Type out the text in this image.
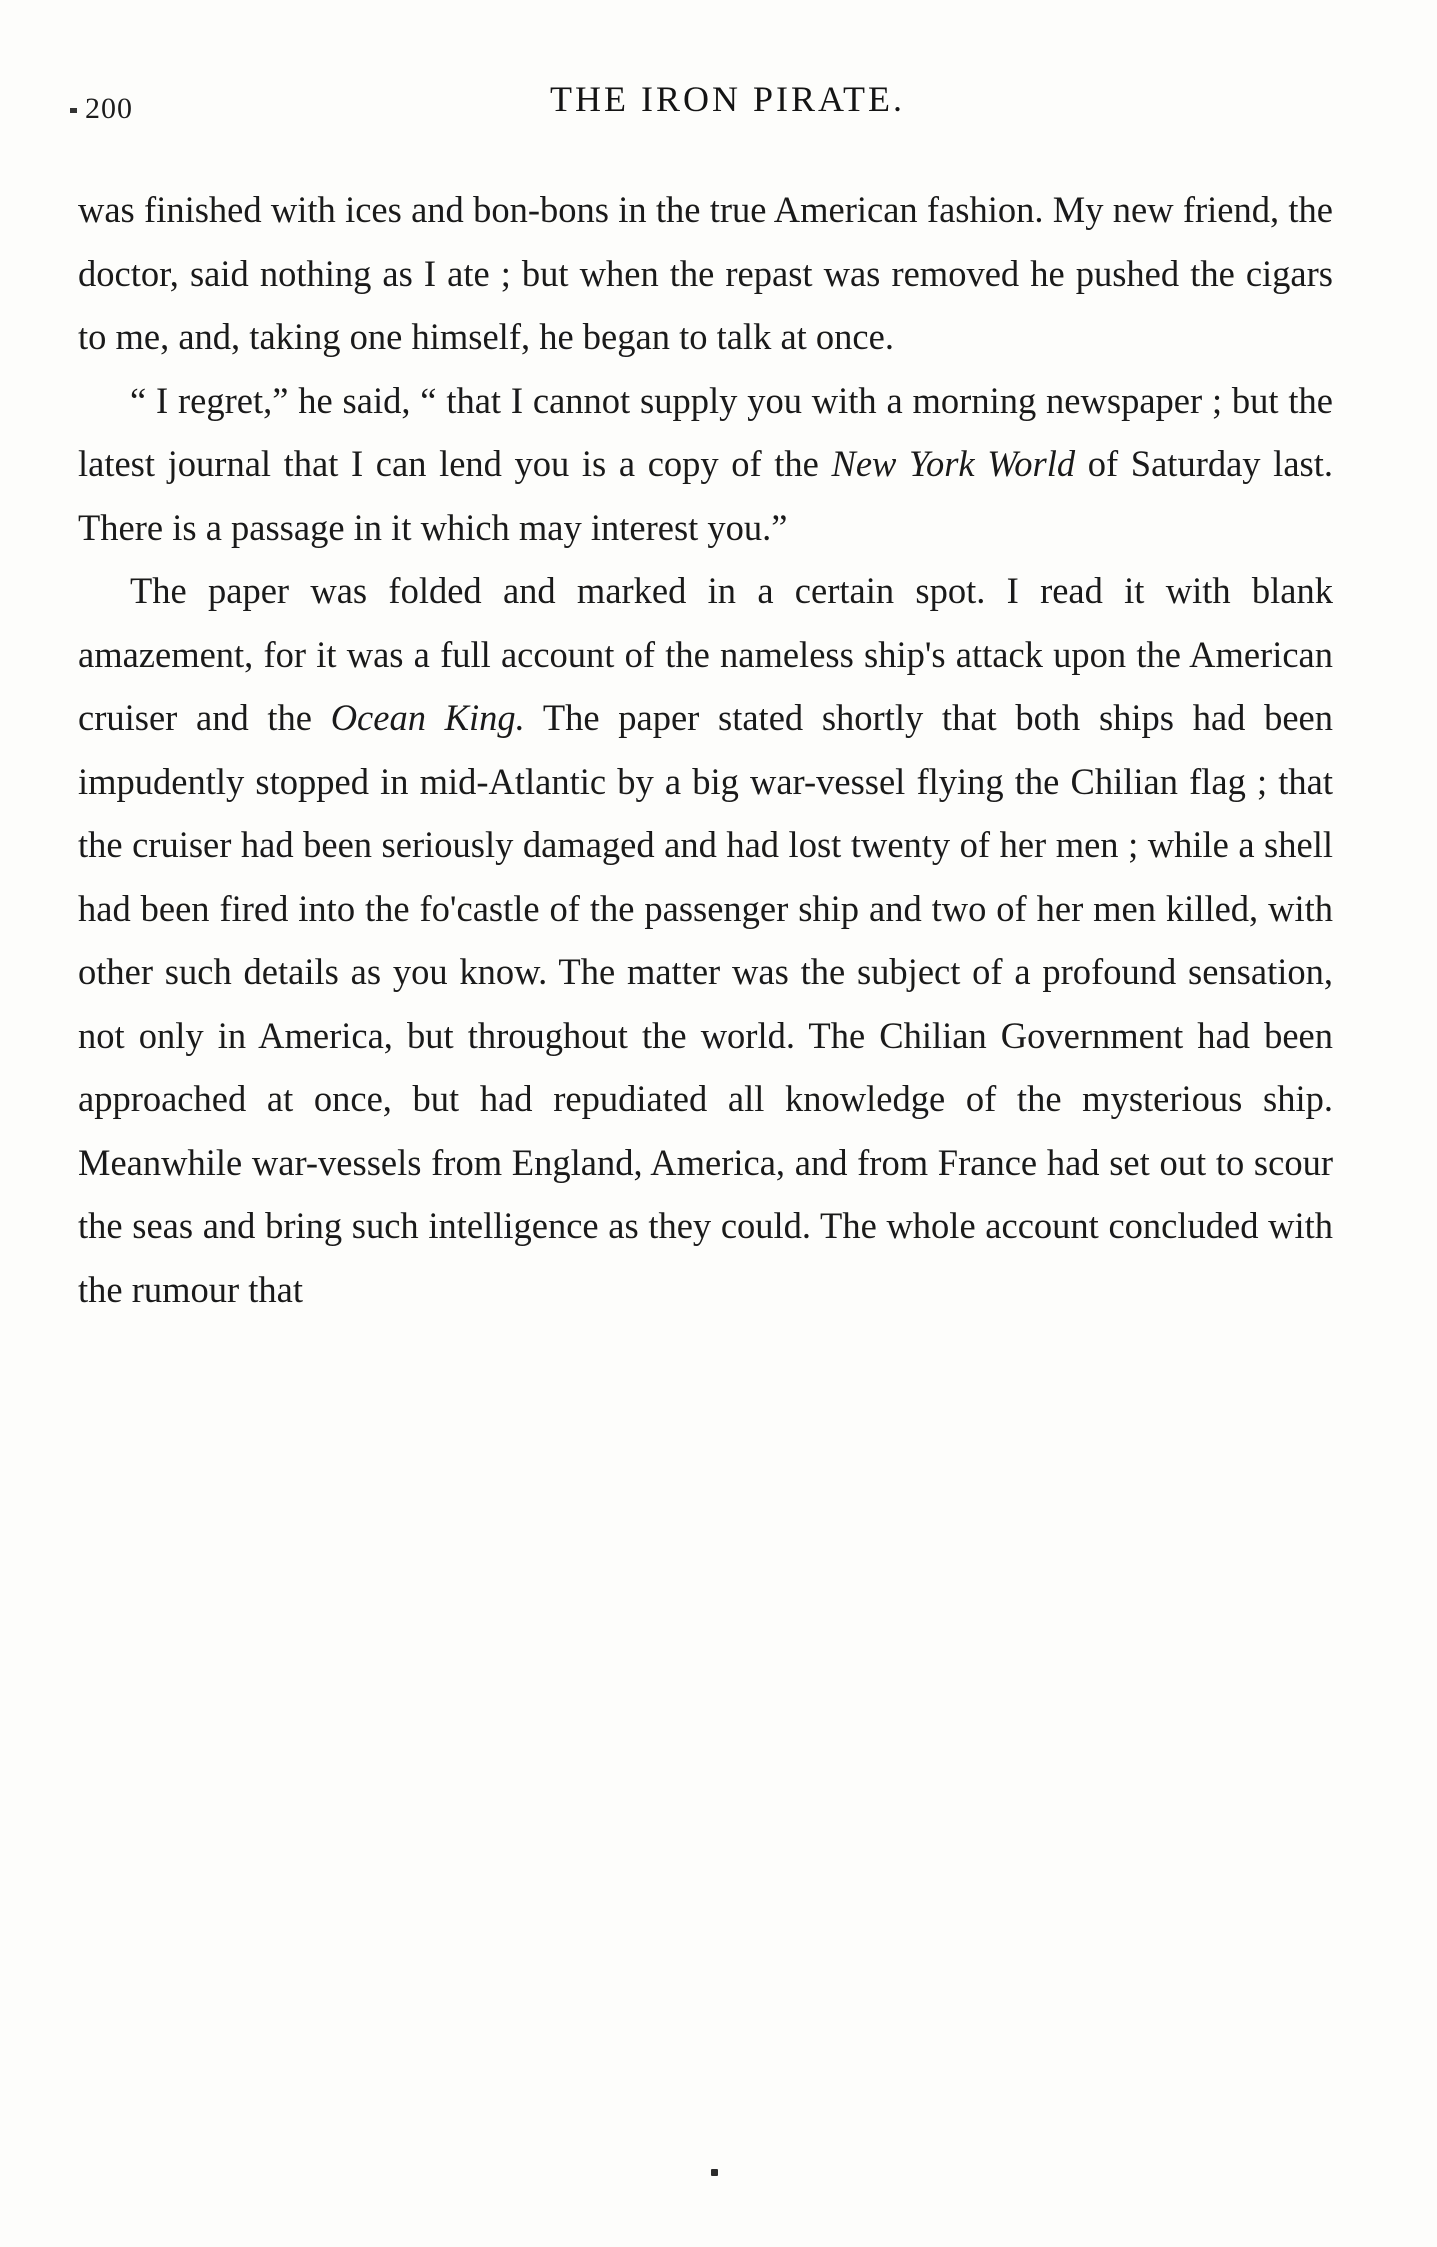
200	THE IRON PIRATE.

was finished with ices and bon-bons in the true American fashion. My new friend, the doctor, said nothing as I ate ; but when the repast was removed he pushed the cigars to me, and, taking one himself, he began to talk at once.

“ I regret,” he said, “ that I cannot supply you with a morning newspaper ; but the latest journal that I can lend you is a copy of the New York World of Saturday last. There is a passage in it which may interest you.”

The paper was folded and marked in a certain spot. I read it with blank amazement, for it was a full account of the nameless ship's attack upon the American cruiser and the Ocean King. The paper stated shortly that both ships had been impudently stopped in mid-Atlantic by a big war-vessel flying the Chilian flag ; that the cruiser had been seriously damaged and had lost twenty of her men ; while a shell had been fired into the fo'castle of the passenger ship and two of her men killed, with other such details as you know. The matter was the subject of a profound sensation, not only in America, but throughout the world. The Chilian Government had been approached at once, but had repudiated all knowledge of the mysterious ship. Meanwhile war-vessels from England, America, and from France had set out to scour the seas and bring such intelligence as they could. The whole account concluded with the rumour that
